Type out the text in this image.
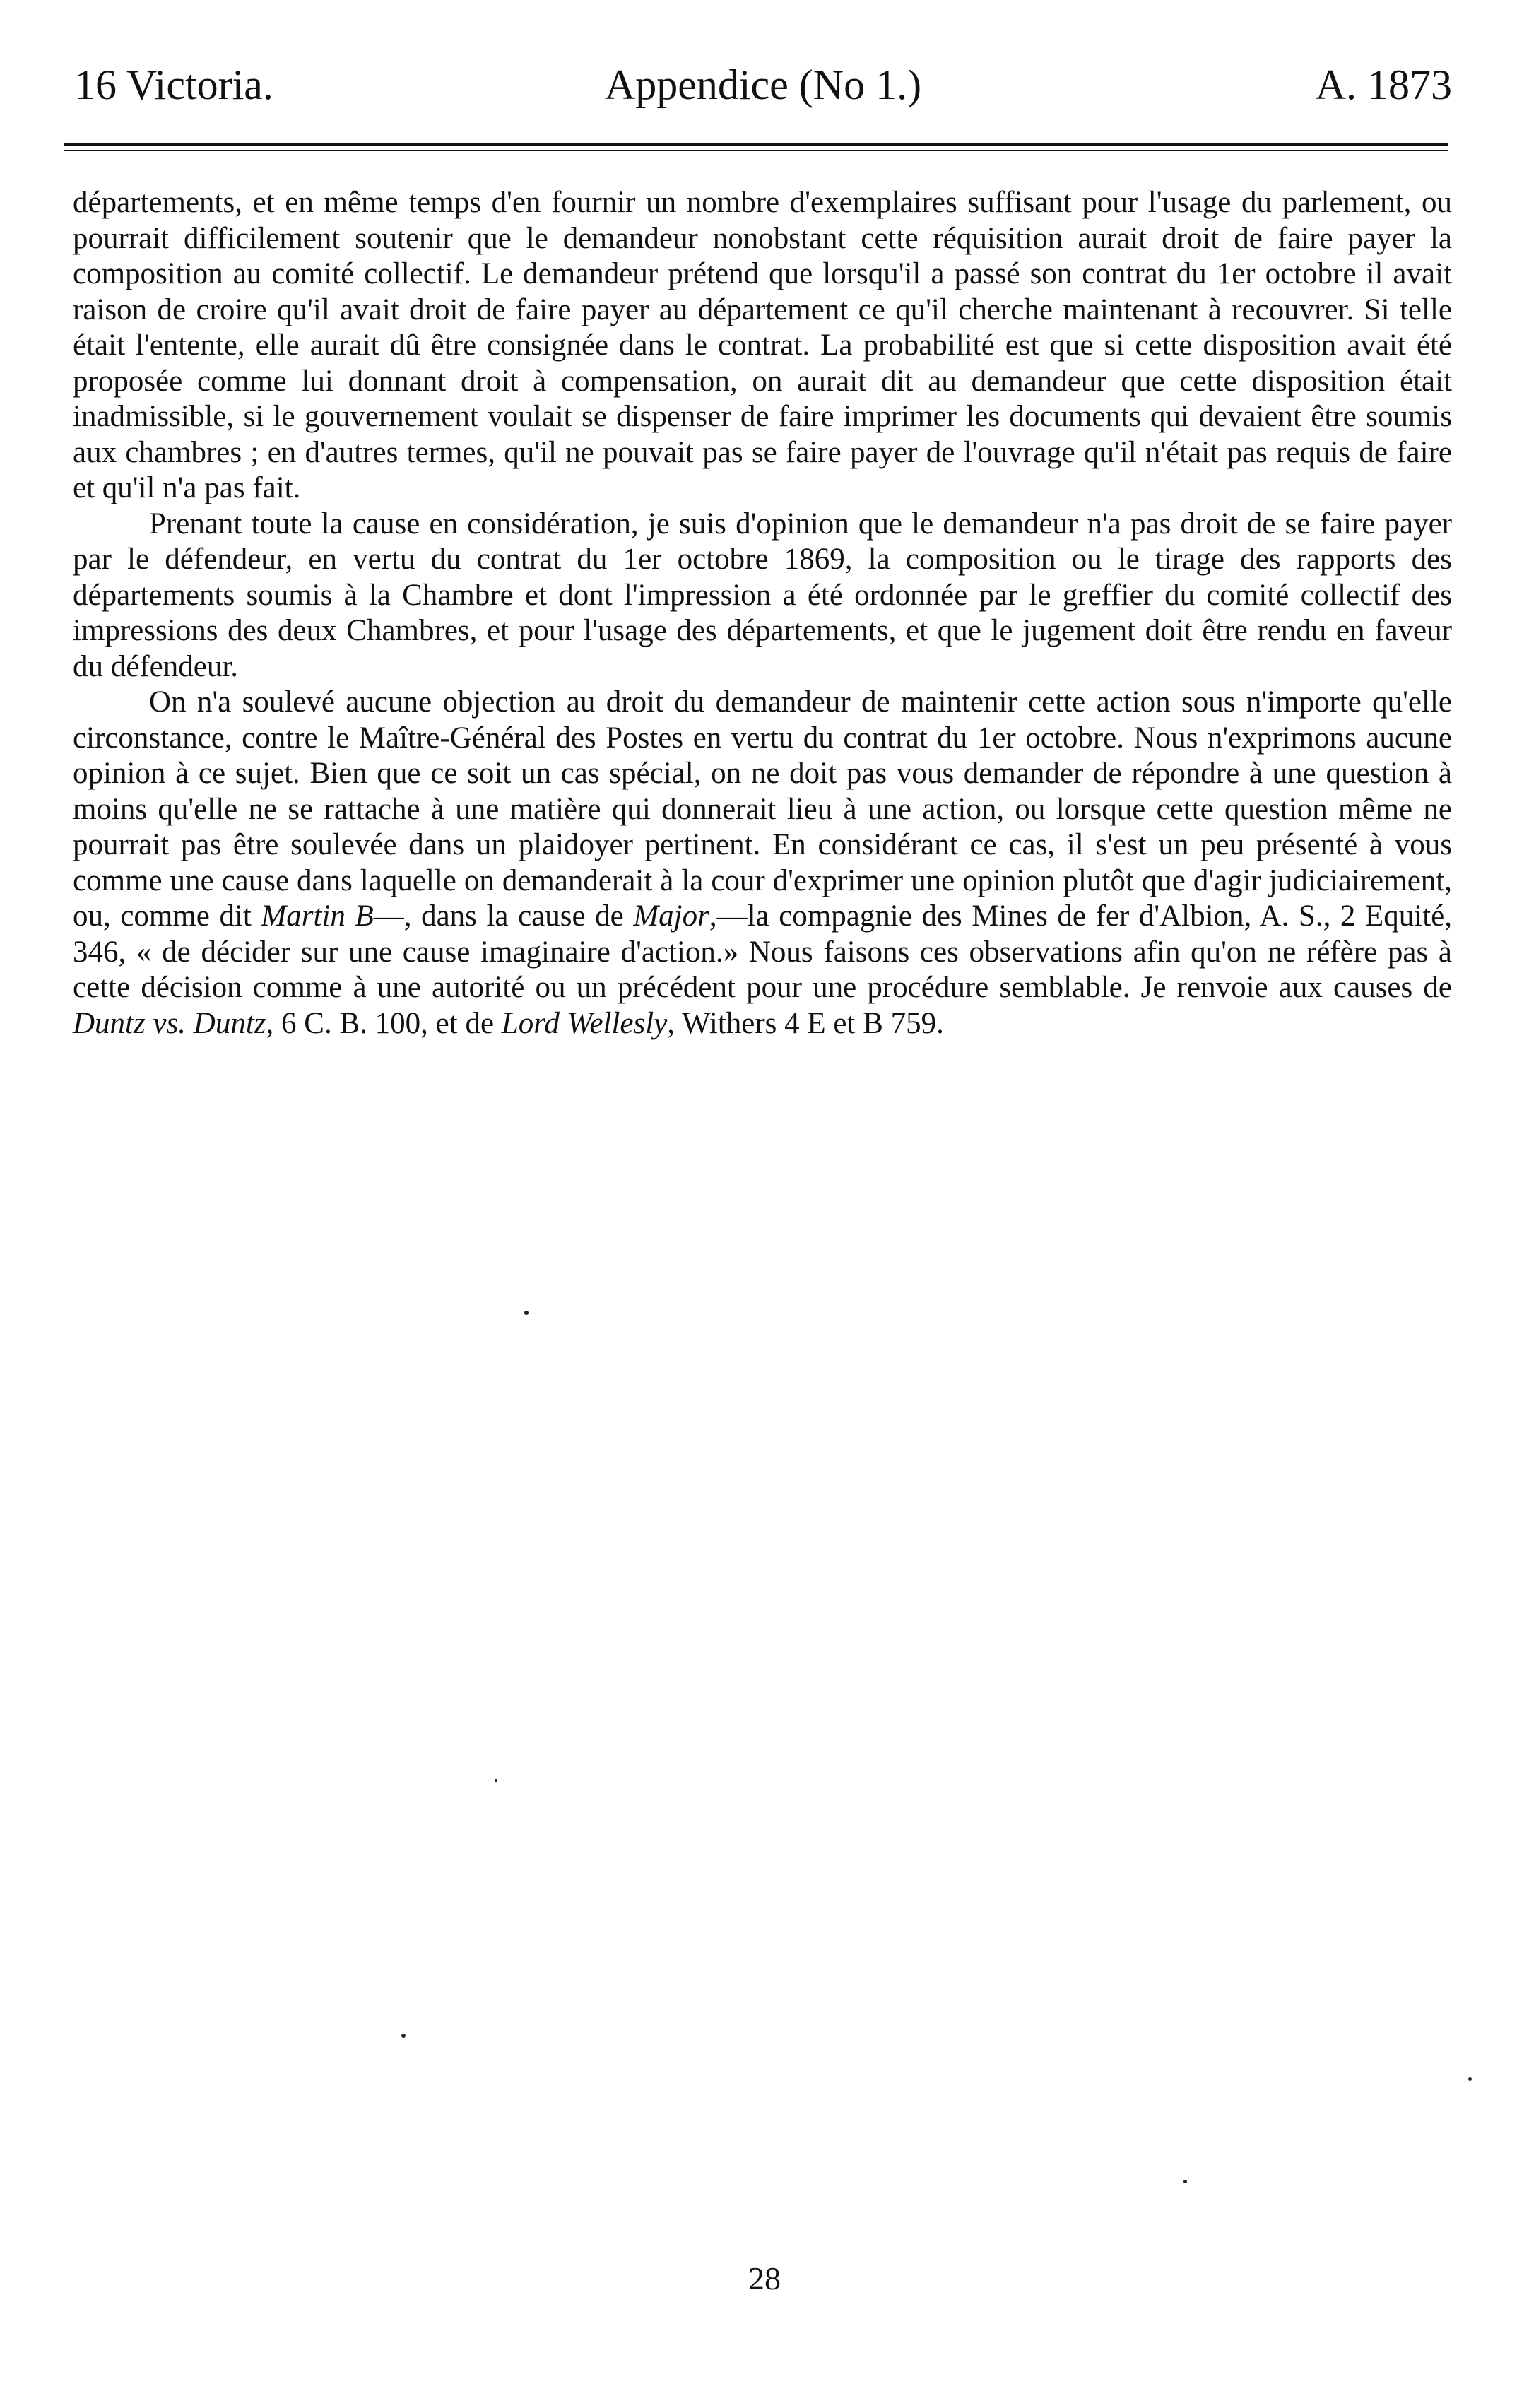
16 Victoria.	Appendice (No 1.)	A. 1873

départements, et en même temps d'en fournir un nombre d'exemplaires suffisant pour l'usage du parlement, ou pourrait difficilement soutenir que le demandeur nonobstant cette réquisition aurait droit de faire payer la composition au comité collectif. Le demandeur prétend que lorsqu'il a passé son contrat du 1er octobre il avait raison de croire qu'il avait droit de faire payer au département ce qu'il cherche maintenant à recouvrer. Si telle était l'entente, elle aurait dû être consignée dans le contrat. La probabilité est que si cette disposition avait été proposée comme lui donnant droit à compensation, on aurait dit au demandeur que cette disposition était inadmissible, si le gouvernement voulait se dispenser de faire imprimer les documents qui devaient être soumis aux chambres ; en d'autres termes, qu'il ne pouvait pas se faire payer de l'ouvrage qu'il n'était pas requis de faire et qu'il n'a pas fait.

Prenant toute la cause en considération, je suis d'opinion que le demandeur n'a pas droit de se faire payer par le défendeur, en vertu du contrat du 1er octobre 1869, la composition ou le tirage des rapports des départements soumis à la Chambre et dont l'impression a été ordonnée par le greffier du comité collectif des impressions des deux Chambres, et pour l'usage des départements, et que le jugement doit être rendu en faveur du défendeur.

On n'a soulevé aucune objection au droit du demandeur de maintenir cette action sous n'importe qu'elle circonstance, contre le Maître-Général des Postes en vertu du contrat du 1er octobre. Nous n'exprimons aucune opinion à ce sujet. Bien que ce soit un cas spécial, on ne doit pas vous demander de répondre à une question à moins qu'elle ne se rattache à une matière qui donnerait lieu à une action, ou lorsque cette question même ne pourrait pas être soulevée dans un plaidoyer pertinent. En considérant ce cas, il s'est un peu présenté à vous comme une cause dans laquelle on demanderait à la cour d'exprimer une opinion plutôt que d'agir judiciairement, ou, comme dit Martin B—, dans la cause de Major,—la compagnie des Mines de fer d'Albion, A. S., 2 Equité, 346, « de décider sur une cause imaginaire d'action.» Nous faisons ces observations afin qu'on ne réfère pas à cette décision comme à une autorité ou un précédent pour une procédure semblable. Je renvoie aux causes de Duntz vs. Duntz, 6 C. B. 100, et de Lord Wellesly, Withers 4 E et B 759.

28
